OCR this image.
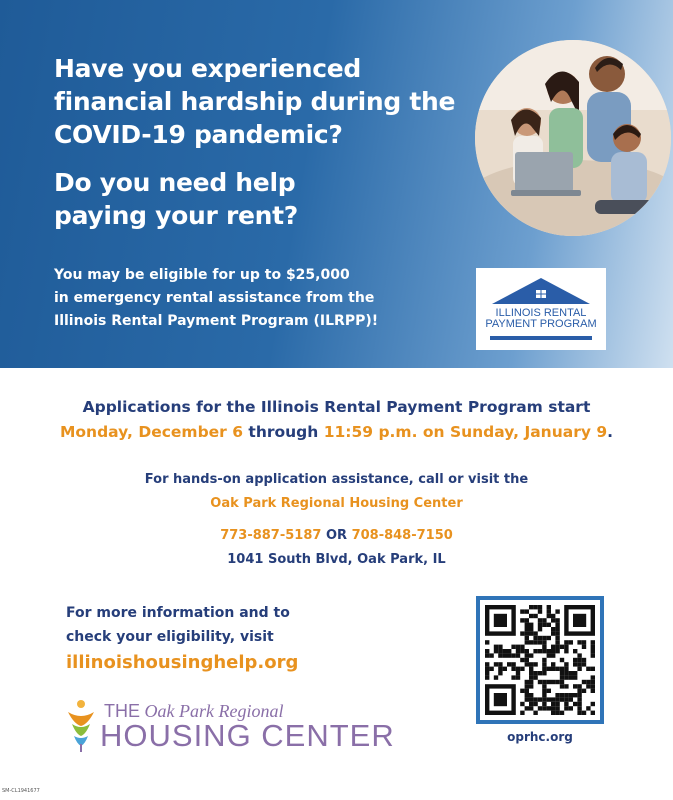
Have you experienced financial hardship during the COVID-19 pandemic?
Do you need help paying your rent?
You may be eligible for up to $25,000
in emergency rental assistance from the
Illinois Rental Payment Program (ILRPP)!	ILLINOIS RENTAL
PAYMENT PROGRAM
Applications for the Illinois Rental Payment Program start
Monday, December 6 through 11:59 p.m. on Sunday, January 9.
For hands-on application assistance, call or visit the
Oak Park Regional Housing Center
773-887-5187 OR 708-848-7150
1041 South Blvd, Oak Park, IL
For more information and to
check your eligibility, visit
illinoishousinghelp.org
THE Oak Park Regional
HOUSING CENTER	oprhc.org
SM-CL1941677
